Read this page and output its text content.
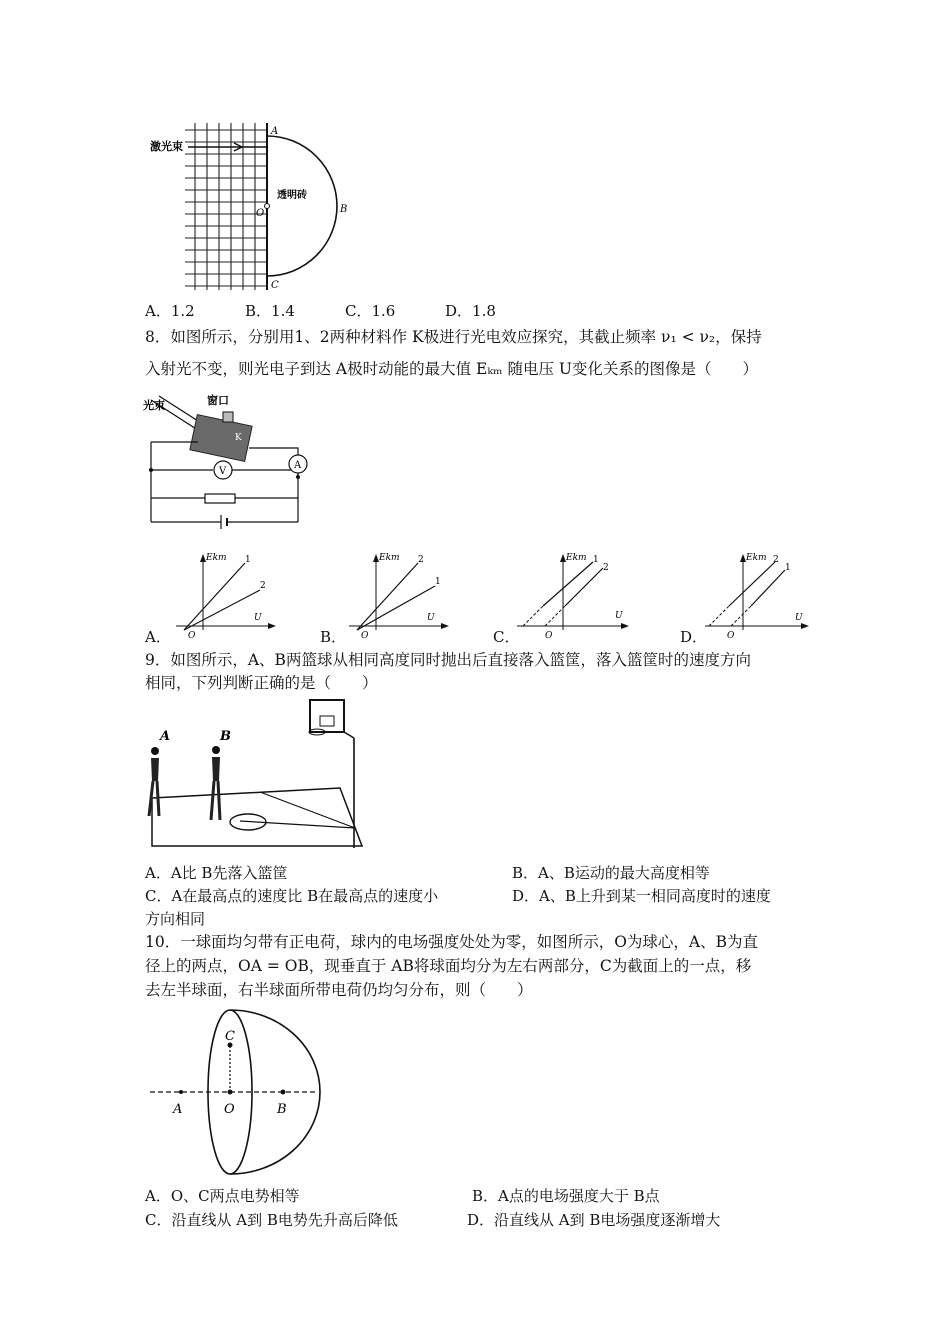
激光束
A
透明砖
B
O
C
A．1.2	B．1.4	C．1.6	D．1.8
8．如图所示，分别用1、2两种材料作 K极进行光电效应探究，其截止频率 ν₁ < ν₂，保持
入射光不变，则光电子到达 A极时动能的最大值 Eₖₘ 随电压 U变化关系的图像是（　　）
光束	窗口
K
V
A
Ekm
U
O
1
2
Ekm
U
O
2
1
Ekm
U
O
1
2
Ekm
U
O
2
1
A．	B．	C．	D．
9．如图所示，A、B两篮球从相同高度同时抛出后直接落入篮筐，落入篮筐时的速度方向
相同，下列判断正确的是（　　）
A	B
A．A比 B先落入篮筐	B．A、B运动的最大高度相等
C．A在最高点的速度比 B在最高点的速度小	D．A、B上升到某一相同高度时的速度
方向相同
10．一球面均匀带有正电荷，球内的电场强度处处为零，如图所示，O为球心，A、B为直
径上的两点，OA = OB，现垂直于 AB将球面均分为左右两部分，C为截面上的一点，移
去左半球面，右半球面所带电荷仍均匀分布，则（　　）
A	O	B
C
A．O、C两点电势相等	B．A点的电场强度大于 B点
C．沿直线从 A到 B电势先升高后降低	D．沿直线从 A到 B电场强度逐渐增大
